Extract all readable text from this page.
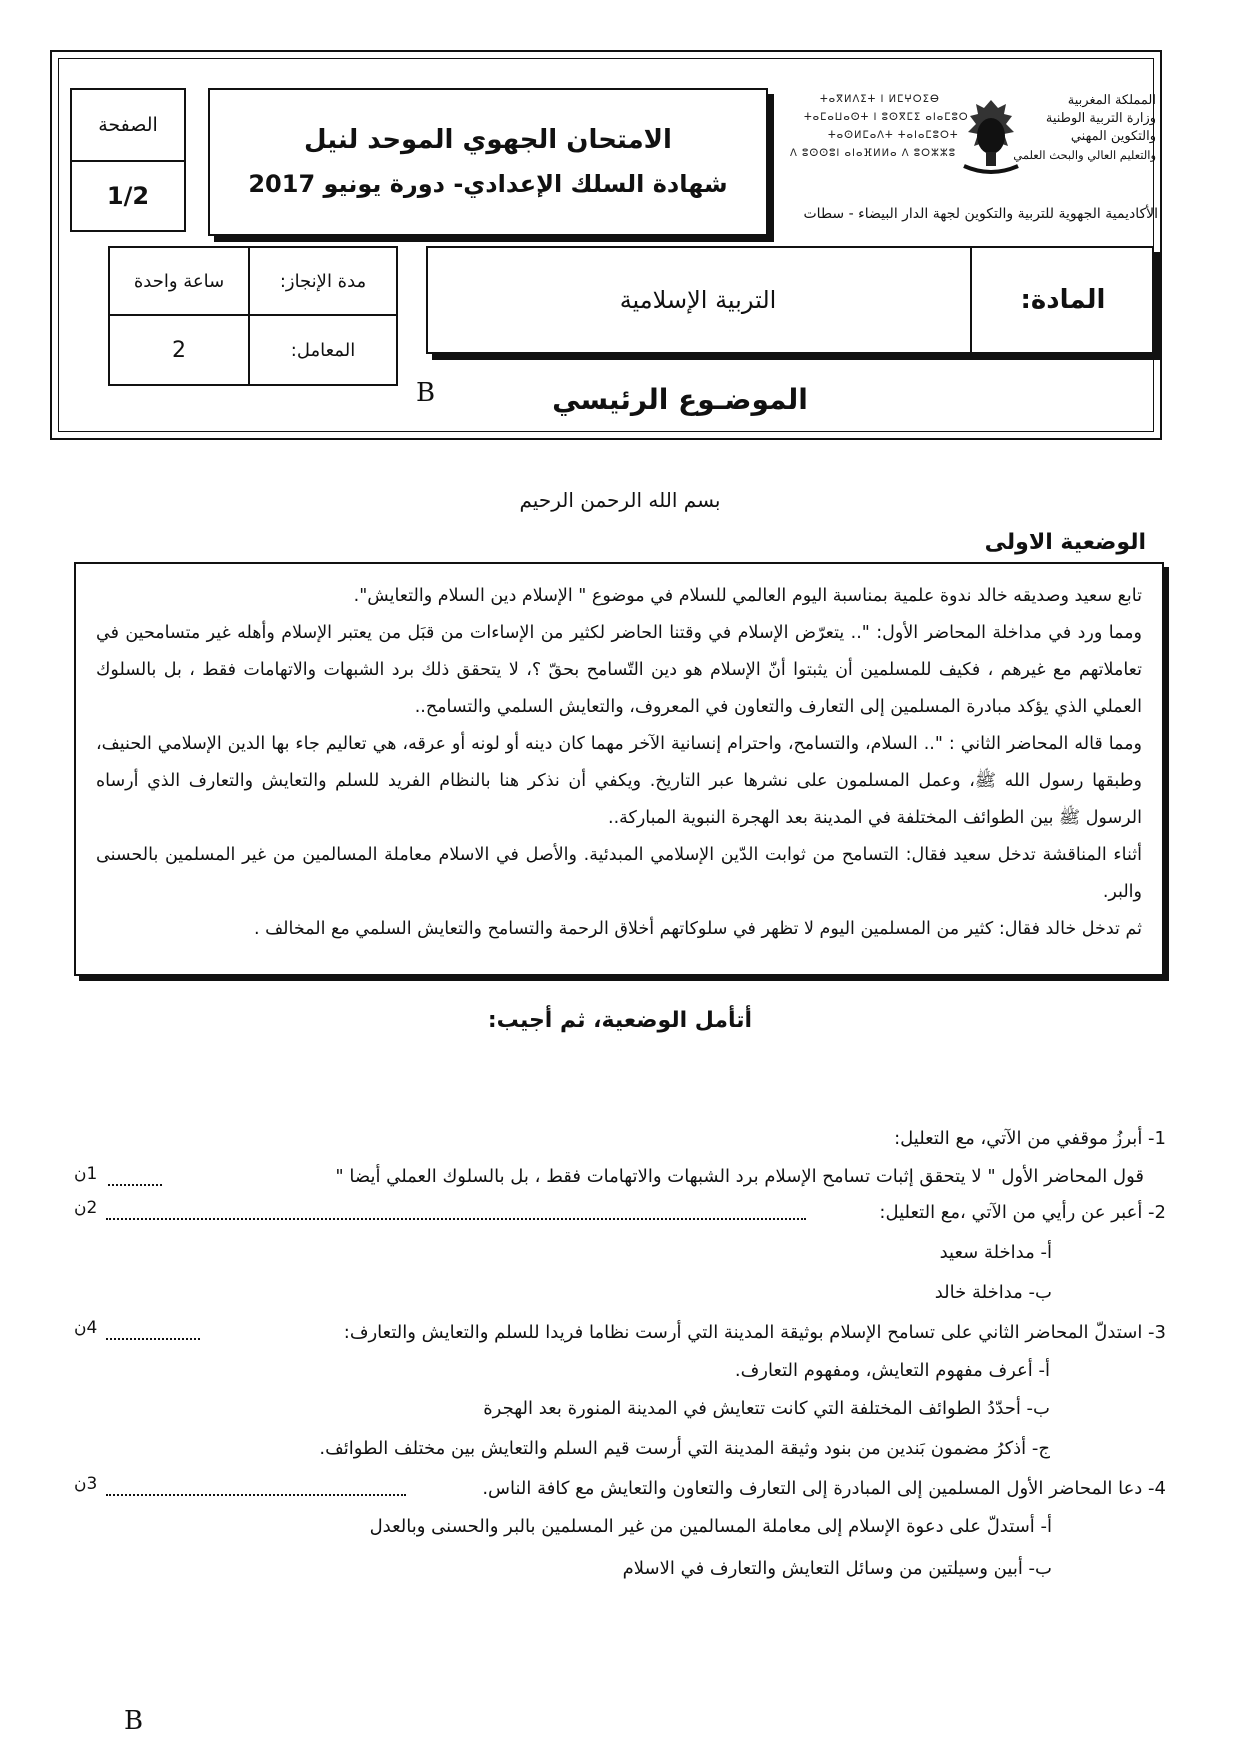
الصفحة
1/2
الامتحان الجهوي الموحد لنيل
شهادة السلك الإعدادي- دورة يونيو 2017
المملكة المغربية
وزارة التربية الوطنية
والتكوين المهني
والتعليم العالي والبحث العلمي
ⵜⴰⴳⵍⴷⵉⵜ ⵏ ⵍⵎⵖⵔⵉⴱ
ⵜⴰⵎⴰⵡⴰⵙⵜ ⵏ ⵓⵙⴳⵎⵉ ⴰⵏⴰⵎⵓⵔ
ⵜⴰⵙⵍⵎⴰⴷⵜ ⵜⴰⵏⴰⵎⵓⵔⵜ
ⴷ ⵓⵙⵙⵓⵏ ⴰⵏⴰⴼⵍⵍⴰ ⴷ ⵓⵔⵣⵣⵓ
الأكاديمية الجهوية للتربية والتكوين لجهة الدار البيضاء - سطات
ساعة واحدة	مدة الإنجاز:
2	المعامل:
المادة:
التربية الإسلامية
B	الموضـوع الرئيسي
بسم الله الرحمن الرحيم
الوضعية الاولى

تابع سعيد وصديقه خالد ندوة علمية بمناسبة اليوم العالمي للسلام في موضوع " الإسلام دين السلام والتعايش".

ومما ورد في مداخلة المحاضر الأول: ".. يتعرّض الإسلام في وقتنا الحاضر لكثير من الإساءات من قبَل من يعتبر الإسلام وأهله غير متسامحين في تعاملاتهم مع غيرهم ، فكيف للمسلمين أن يثبتوا أنّ الإسلام هو دين التّسامح بحقّ ؟، لا يتحقق ذلك برد الشبهات والاتهامات فقط ، بل بالسلوك العملي الذي يؤكد مبادرة المسلمين إلى التعارف والتعاون في المعروف، والتعايش السلمي والتسامح..

ومما قاله المحاضر الثاني : ".. السلام، والتسامح، واحترام إنسانية الآخر مهما كان دينه أو لونه أو عرقه، هي تعاليم جاء بها الدين الإسلامي الحنيف، وطبقها رسول الله ﷺ، وعمل المسلمون على نشرها عبر التاريخ. ويكفي أن نذكر هنا بالنظام الفريد للسلم والتعايش والتعارف الذي أرساه الرسول ﷺ بين الطوائف المختلفة في المدينة بعد الهجرة النبوية المباركة..

أثناء المناقشة تدخل سعيد فقال: التسامح من ثوابت الدّين الإسلامي المبدئية. والأصل في الاسلام معاملة المسالمين من غير المسلمين بالحسنى والبر.

ثم تدخل خالد فقال: كثير من المسلمين اليوم لا تظهر في سلوكاتهم أخلاق الرحمة والتسامح والتعايش السلمي مع المخالف .

أتأمل الوضعية، ثم أجيب:
1- أبرزُ موقفي من الآتي، مع التعليل:
قول المحاضر الأول " لا يتحقق إثبات تسامح الإسلام برد الشبهات والاتهامات فقط ، بل بالسلوك العملي أيضا "
1ن
2- أعبر عن رأيي من الآتي ،مع التعليل:
2ن
أ- مداخلة سعيد
ب- مداخلة خالد
3- استدلّ المحاضر الثاني على تسامح الإسلام بوثيقة المدينة التي أرست نظاما فريدا للسلم والتعايش والتعارف:
4ن
أ- أعرف مفهوم التعايش، ومفهوم التعارف.
ب- أحدّدُ الطوائف المختلفة التي كانت تتعايش في المدينة المنورة بعد الهجرة
ج- أذكرُ مضمون بَندين من بنود وثيقة المدينة التي أرست قيم السلم والتعايش بين مختلف الطوائف.
4- دعا المحاضر الأول المسلمين إلى المبادرة إلى التعارف والتعاون والتعايش مع كافة الناس.
3ن
أ- أستدلّ على دعوة الإسلام إلى معاملة المسالمين من غير المسلمين بالبر والحسنى وبالعدل
ب- أبين وسيلتين من وسائل التعايش والتعارف في الاسلام
B
